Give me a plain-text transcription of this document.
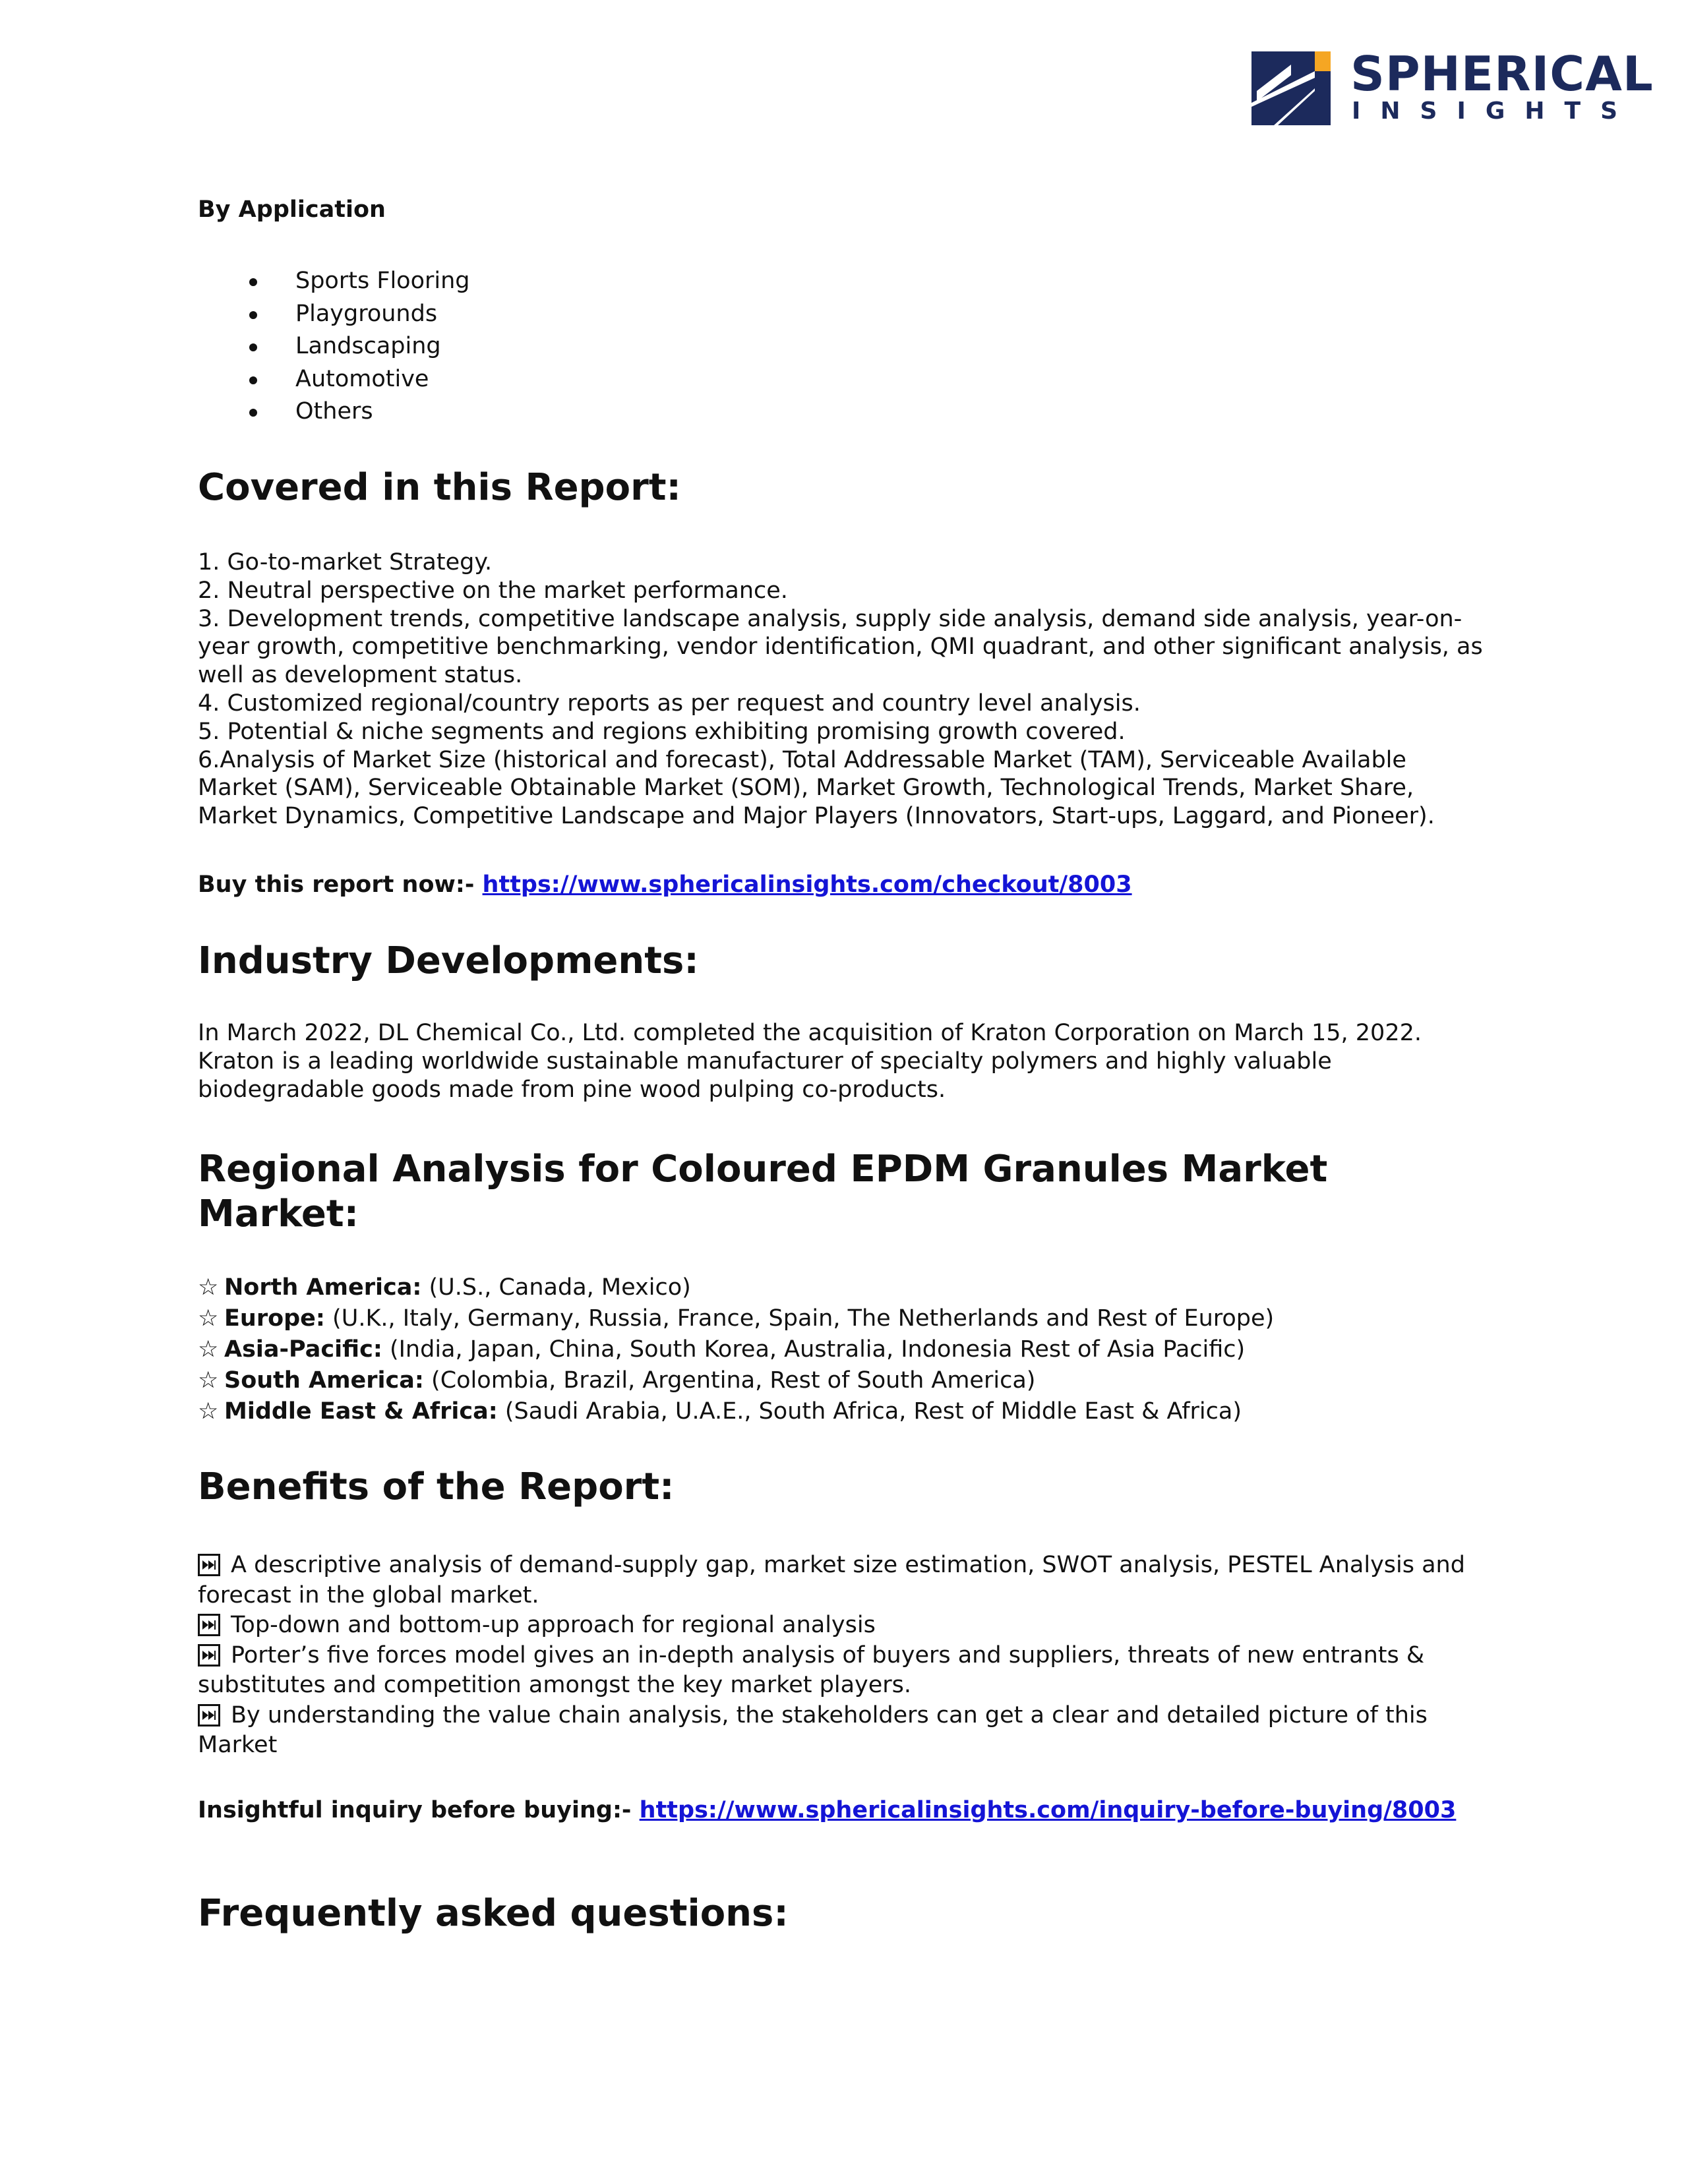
SPHERICAL
INSIGHTS
By Application
Sports Flooring
Playgrounds
Landscaping
Automotive
Others
Covered in this Report:
1. Go-to-market Strategy.
2. Neutral perspective on the market performance.
3. Development trends, competitive landscape analysis, supply side analysis, demand side analysis, year-on-year growth, competitive benchmarking, vendor identification, QMI quadrant, and other significant analysis, as well as development status.
4. Customized regional/country reports as per request and country level analysis.
5. Potential & niche segments and regions exhibiting promising growth covered.
6.Analysis of Market Size (historical and forecast), Total Addressable Market (TAM), Serviceable Available Market (SAM), Serviceable Obtainable Market (SOM), Market Growth, Technological Trends, Market Share, Market Dynamics, Competitive Landscape and Major Players (Innovators, Start-ups, Laggard, and Pioneer).
Buy this report now:- https://www.sphericalinsights.com/checkout/8003
Industry Developments:
In March 2022, DL Chemical Co., Ltd. completed the acquisition of Kraton Corporation on March 15, 2022. Kraton is a leading worldwide sustainable manufacturer of specialty polymers and highly valuable biodegradable goods made from pine wood pulping co-products.
Regional Analysis for Coloured EPDM Granules Market Market:
☆ North America: (U.S., Canada, Mexico)
☆ Europe: (U.K., Italy, Germany, Russia, France, Spain, The Netherlands and Rest of Europe)
☆ Asia-Pacific: (India, Japan, China, South Korea, Australia, Indonesia Rest of Asia Pacific)
☆ South America: (Colombia, Brazil, Argentina, Rest of South America)
☆ Middle East & Africa: (Saudi Arabia, U.A.E., South Africa, Rest of Middle East & Africa)
Benefits of the Report:
A descriptive analysis of demand-supply gap, market size estimation, SWOT analysis, PESTEL Analysis and forecast in the global market.
Top-down and bottom-up approach for regional analysis
Porter’s five forces model gives an in-depth analysis of buyers and suppliers, threats of new entrants & substitutes and competition amongst the key market players.
By understanding the value chain analysis, the stakeholders can get a clear and detailed picture of this Market
Insightful inquiry before buying:- https://www.sphericalinsights.com/inquiry-before-buying/8003
Frequently asked questions:
